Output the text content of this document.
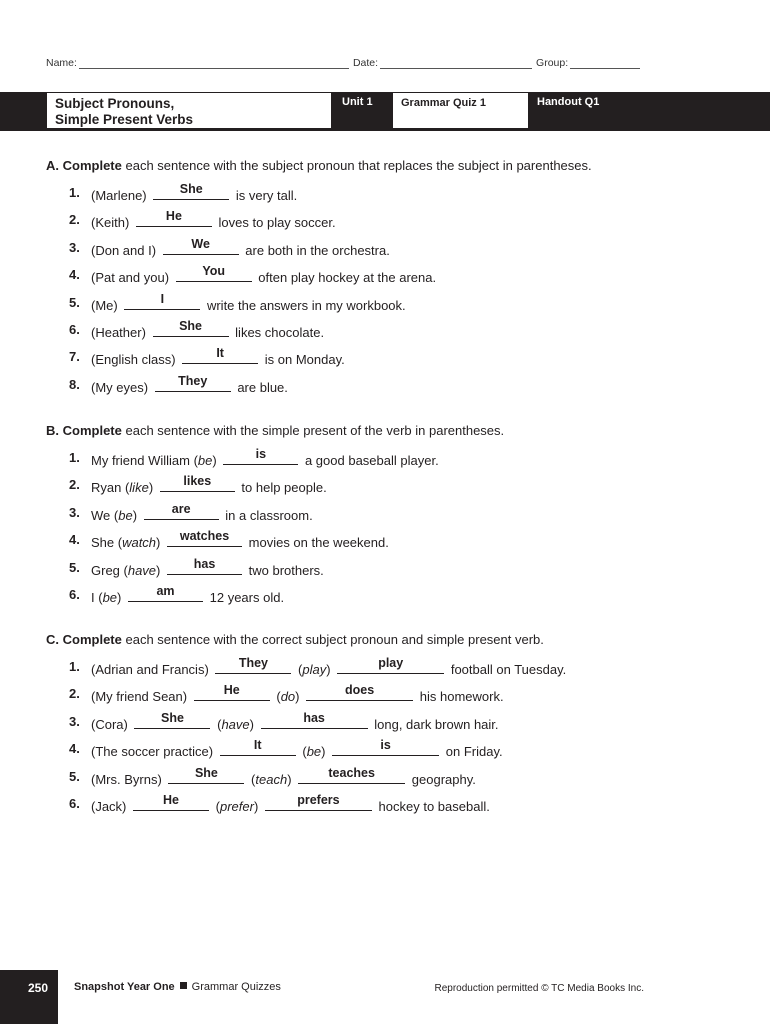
Name:	Date:	Group:
Subject Pronouns,
Simple Present Verbs
Unit 1	Grammar Quiz 1	Handout Q1

A. Complete each sentence with the subject pronoun that replaces the subject in parentheses.

1. (Marlene)	She	is very tall.
2. (Keith)	He	loves to play soccer.
3. (Don and I)	We	are both in the orchestra.
4. (Pat and you)	You	often play hockey at the arena.
5. (Me)	I	write the answers in my workbook.
6. (Heather)	She	likes chocolate.
7. (English class)	It	is on Monday.
8. (My eyes)	They	are blue.

B. Complete each sentence with the simple present of the verb in parentheses.

1. My friend William (be)	is	a good baseball player.
2. Ryan (like)	likes	to help people.
3. We (be)	are	in a classroom.
4. She (watch)	watches	movies on the weekend.
5. Greg (have)	has	two brothers.
6. I (be)	am	12 years old.

C. Complete each sentence with the correct subject pronoun and simple present verb.

1. (Adrian and Francis)	They	(play)	play	football on Tuesday.
2. (My friend Sean)	He	(do)	does	his homework.
3. (Cora)	She	(have)	has	long, dark brown hair.
4. (The soccer practice)	It	(be)	is	on Friday.
5. (Mrs. Byrns)	She	(teach)	teaches	geography.
6. (Jack)	He	(prefer)	prefers	hockey to baseball.
250	Snapshot Year One Grammar Quizzes	Reproduction permitted © TC Media Books Inc.
